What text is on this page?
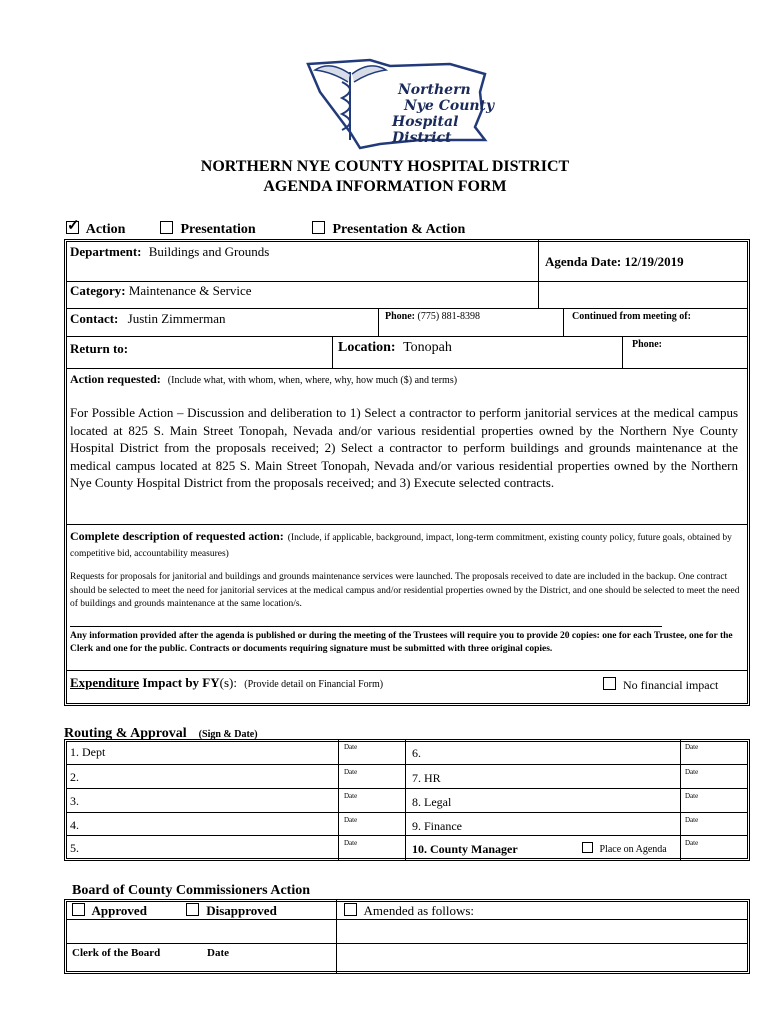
Northern
Nye County
Hospital District
NORTHERN NYE COUNTY HOSPITAL DISTRICT
AGENDA INFORMATION FORM
✓ Action	Presentation	Presentation & Action
Department: Buildings and Grounds
Agenda Date: 12/19/2019
Category: Maintenance & Service
Contact: Justin Zimmerman	Phone: (775) 881-8398	Continued from meeting of:
Return to:	Location: Tonopah	Phone:
Action requested: (Include what, with whom, when, where, why, how much ($) and terms)
For Possible Action – Discussion and deliberation to 1) Select a contractor to perform janitorial services at the medical campus located at 825 S. Main Street Tonopah, Nevada and/or various residential properties owned by the Northern Nye County Hospital District from the proposals received; 2) Select a contractor to perform buildings and grounds maintenance at the medical campus located at 825 S. Main Street Tonopah, Nevada and/or various residential properties owned by the Northern Nye County Hospital District from the proposals received; and 3) Execute selected contracts.
Complete description of requested action: (Include, if applicable, background, impact, long-term commitment, existing county policy, future goals, obtained by competitive bid, accountability measures)
Requests for proposals for janitorial and buildings and grounds maintenance services were launched. The proposals received to date are included in the backup. One contract should be selected to meet the need for janitorial services at the medical campus and/or residential properties owned by the District, and one should be selected to meet the need of buildings and grounds maintenance at the same location/s.
Any information provided after the agenda is published or during the meeting of the Trustees will require you to provide 20 copies: one for each Trustee, one for the Clerk and one for the public. Contracts or documents requiring signature must be submitted with three original copies.
Expenditure Impact by FY(s): (Provide detail on Financial Form)	No financial impact
Routing & Approval (Sign & Date)
1. Dept	Date	6.	Date
2.	Date	7. HR	Date
3.	Date	8. Legal	Date
4.	Date	9. Finance	Date
5.	Date	10. County Manager	Date
Place on Agenda
Board of County Commissioners Action
Approved	Disapproved	Amended as follows:
Clerk of the Board	Date
